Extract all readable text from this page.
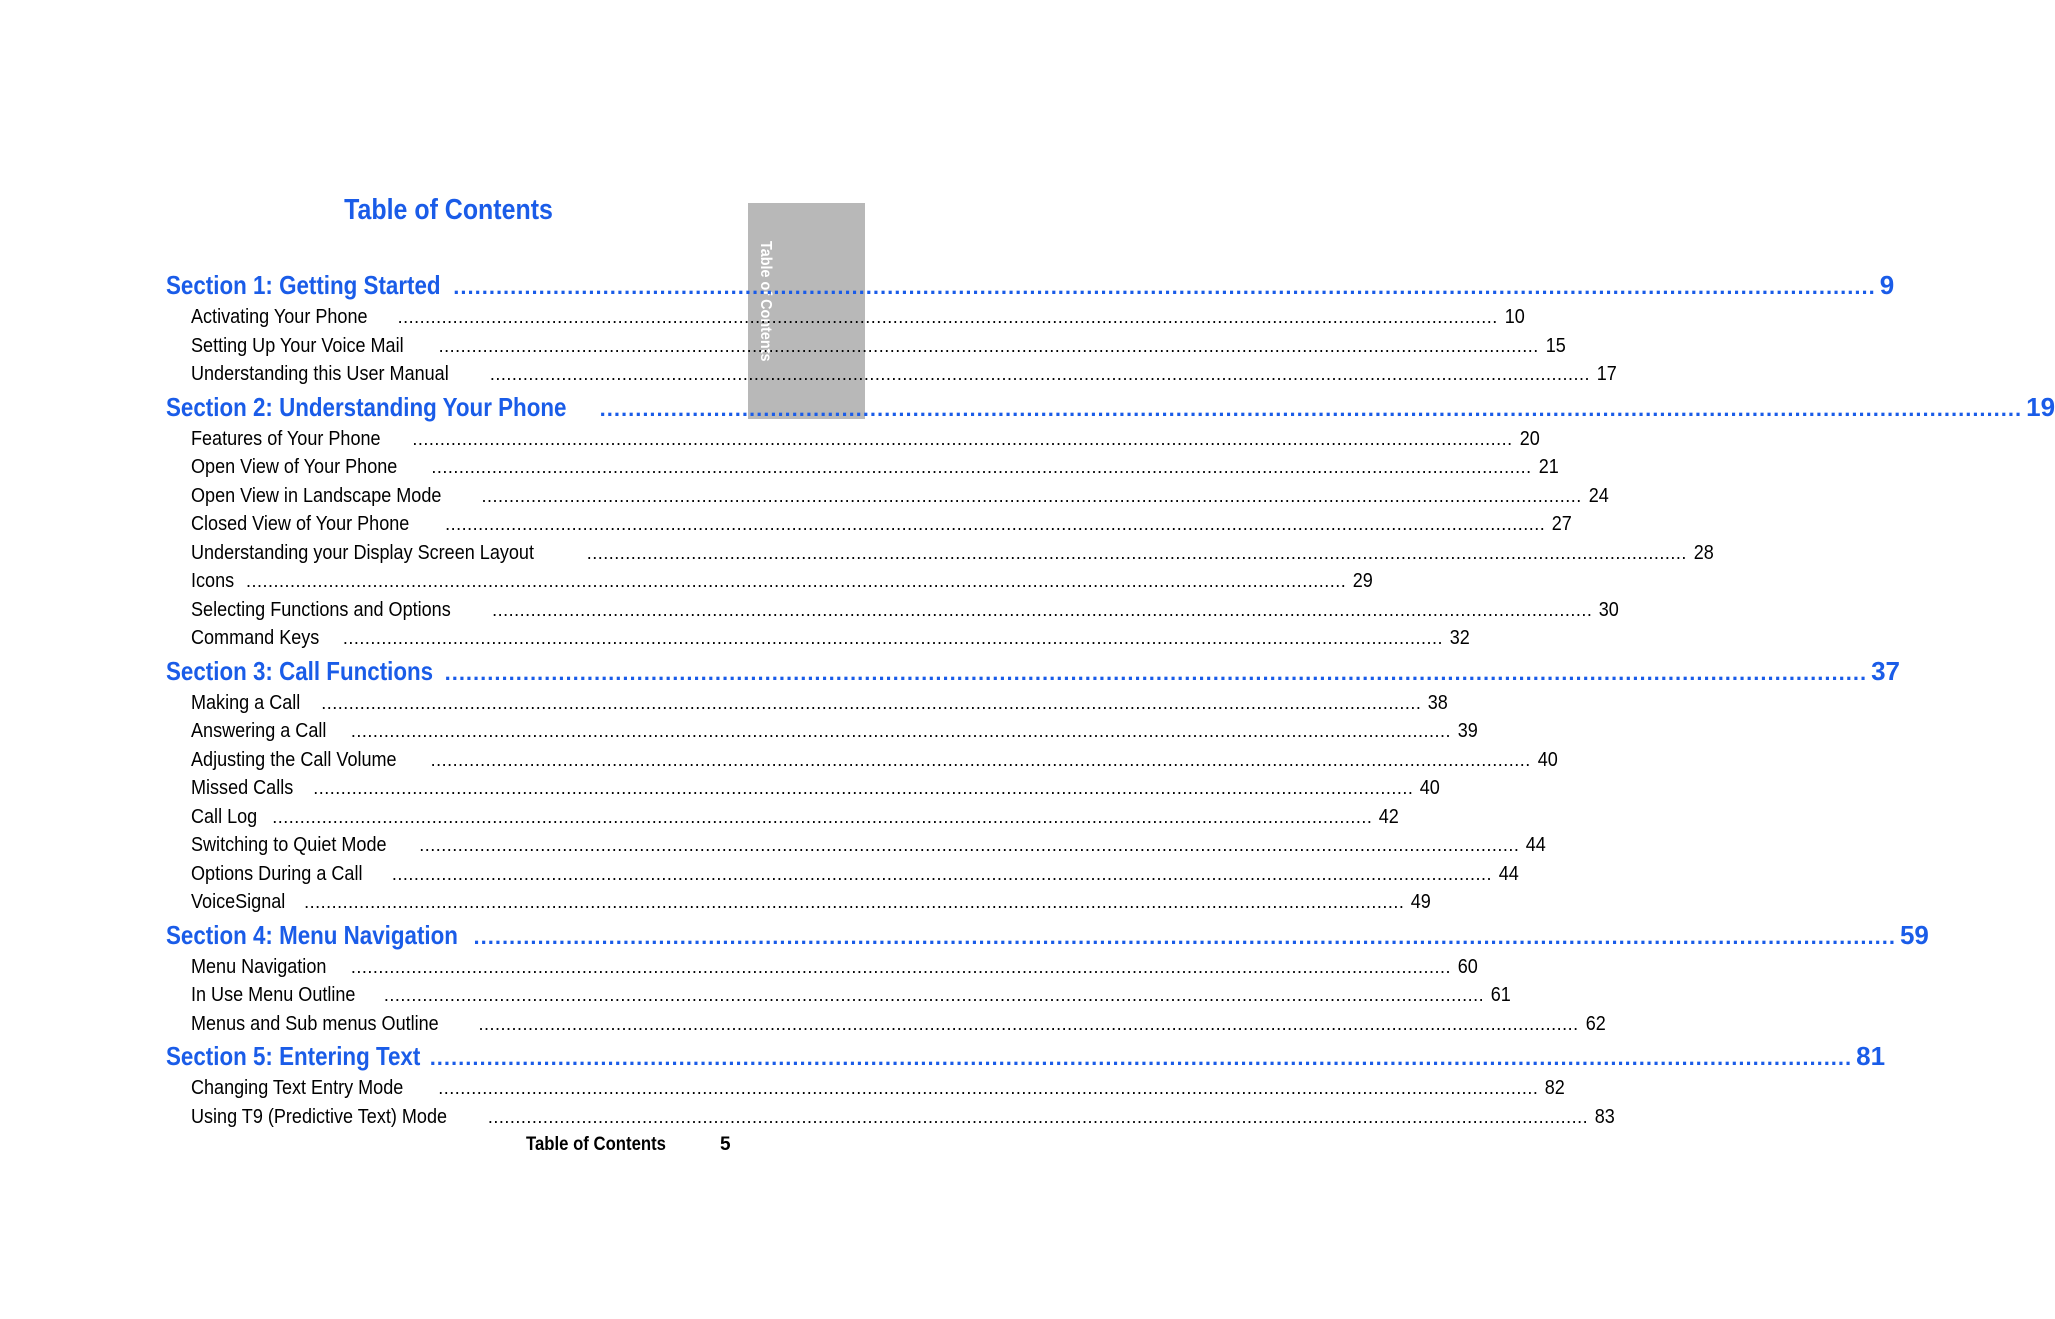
Table of Contents
Table of Contents
Section 1: Getting Started ........................................................................................................................................................................................................ 9
Activating Your Phone ........................................................................................................................................................................................................ 10
Setting Up Your Voice Mail ........................................................................................................................................................................................................ 15
Understanding this User Manual ........................................................................................................................................................................................................ 17
Section 2: Understanding Your Phone ........................................................................................................................................................................................................ 19
Features of Your Phone ........................................................................................................................................................................................................ 20
Open View of Your Phone ........................................................................................................................................................................................................ 21
Open View in Landscape Mode ........................................................................................................................................................................................................ 24
Closed View of Your Phone ........................................................................................................................................................................................................ 27
Understanding your Display Screen Layout	........................................................................................................................................................................................................ 28
Icons ........................................................................................................................................................................................................ 29
Selecting Functions and Options ........................................................................................................................................................................................................ 30
Command Keys ........................................................................................................................................................................................................ 32
Section 3: Call Functions ........................................................................................................................................................................................................ 37
Making a Call ........................................................................................................................................................................................................ 38
Answering a Call ........................................................................................................................................................................................................ 39
Adjusting the Call Volume ........................................................................................................................................................................................................ 40
Missed Calls ........................................................................................................................................................................................................ 40
Call Log ........................................................................................................................................................................................................ 42
Switching to Quiet Mode ........................................................................................................................................................................................................ 44
Options During a Call ........................................................................................................................................................................................................ 44
VoiceSignal ........................................................................................................................................................................................................ 49
Section 4: Menu Navigation ........................................................................................................................................................................................................ 59
Menu Navigation ........................................................................................................................................................................................................ 60
In Use Menu Outline ........................................................................................................................................................................................................ 61
Menus and Sub menus Outline ........................................................................................................................................................................................................ 62
Section 5: Entering Text ........................................................................................................................................................................................................ 81
Changing Text Entry Mode ........................................................................................................................................................................................................ 82
Using T9 (Predictive Text) Mode ........................................................................................................................................................................................................ 83
Table of Contents	5
